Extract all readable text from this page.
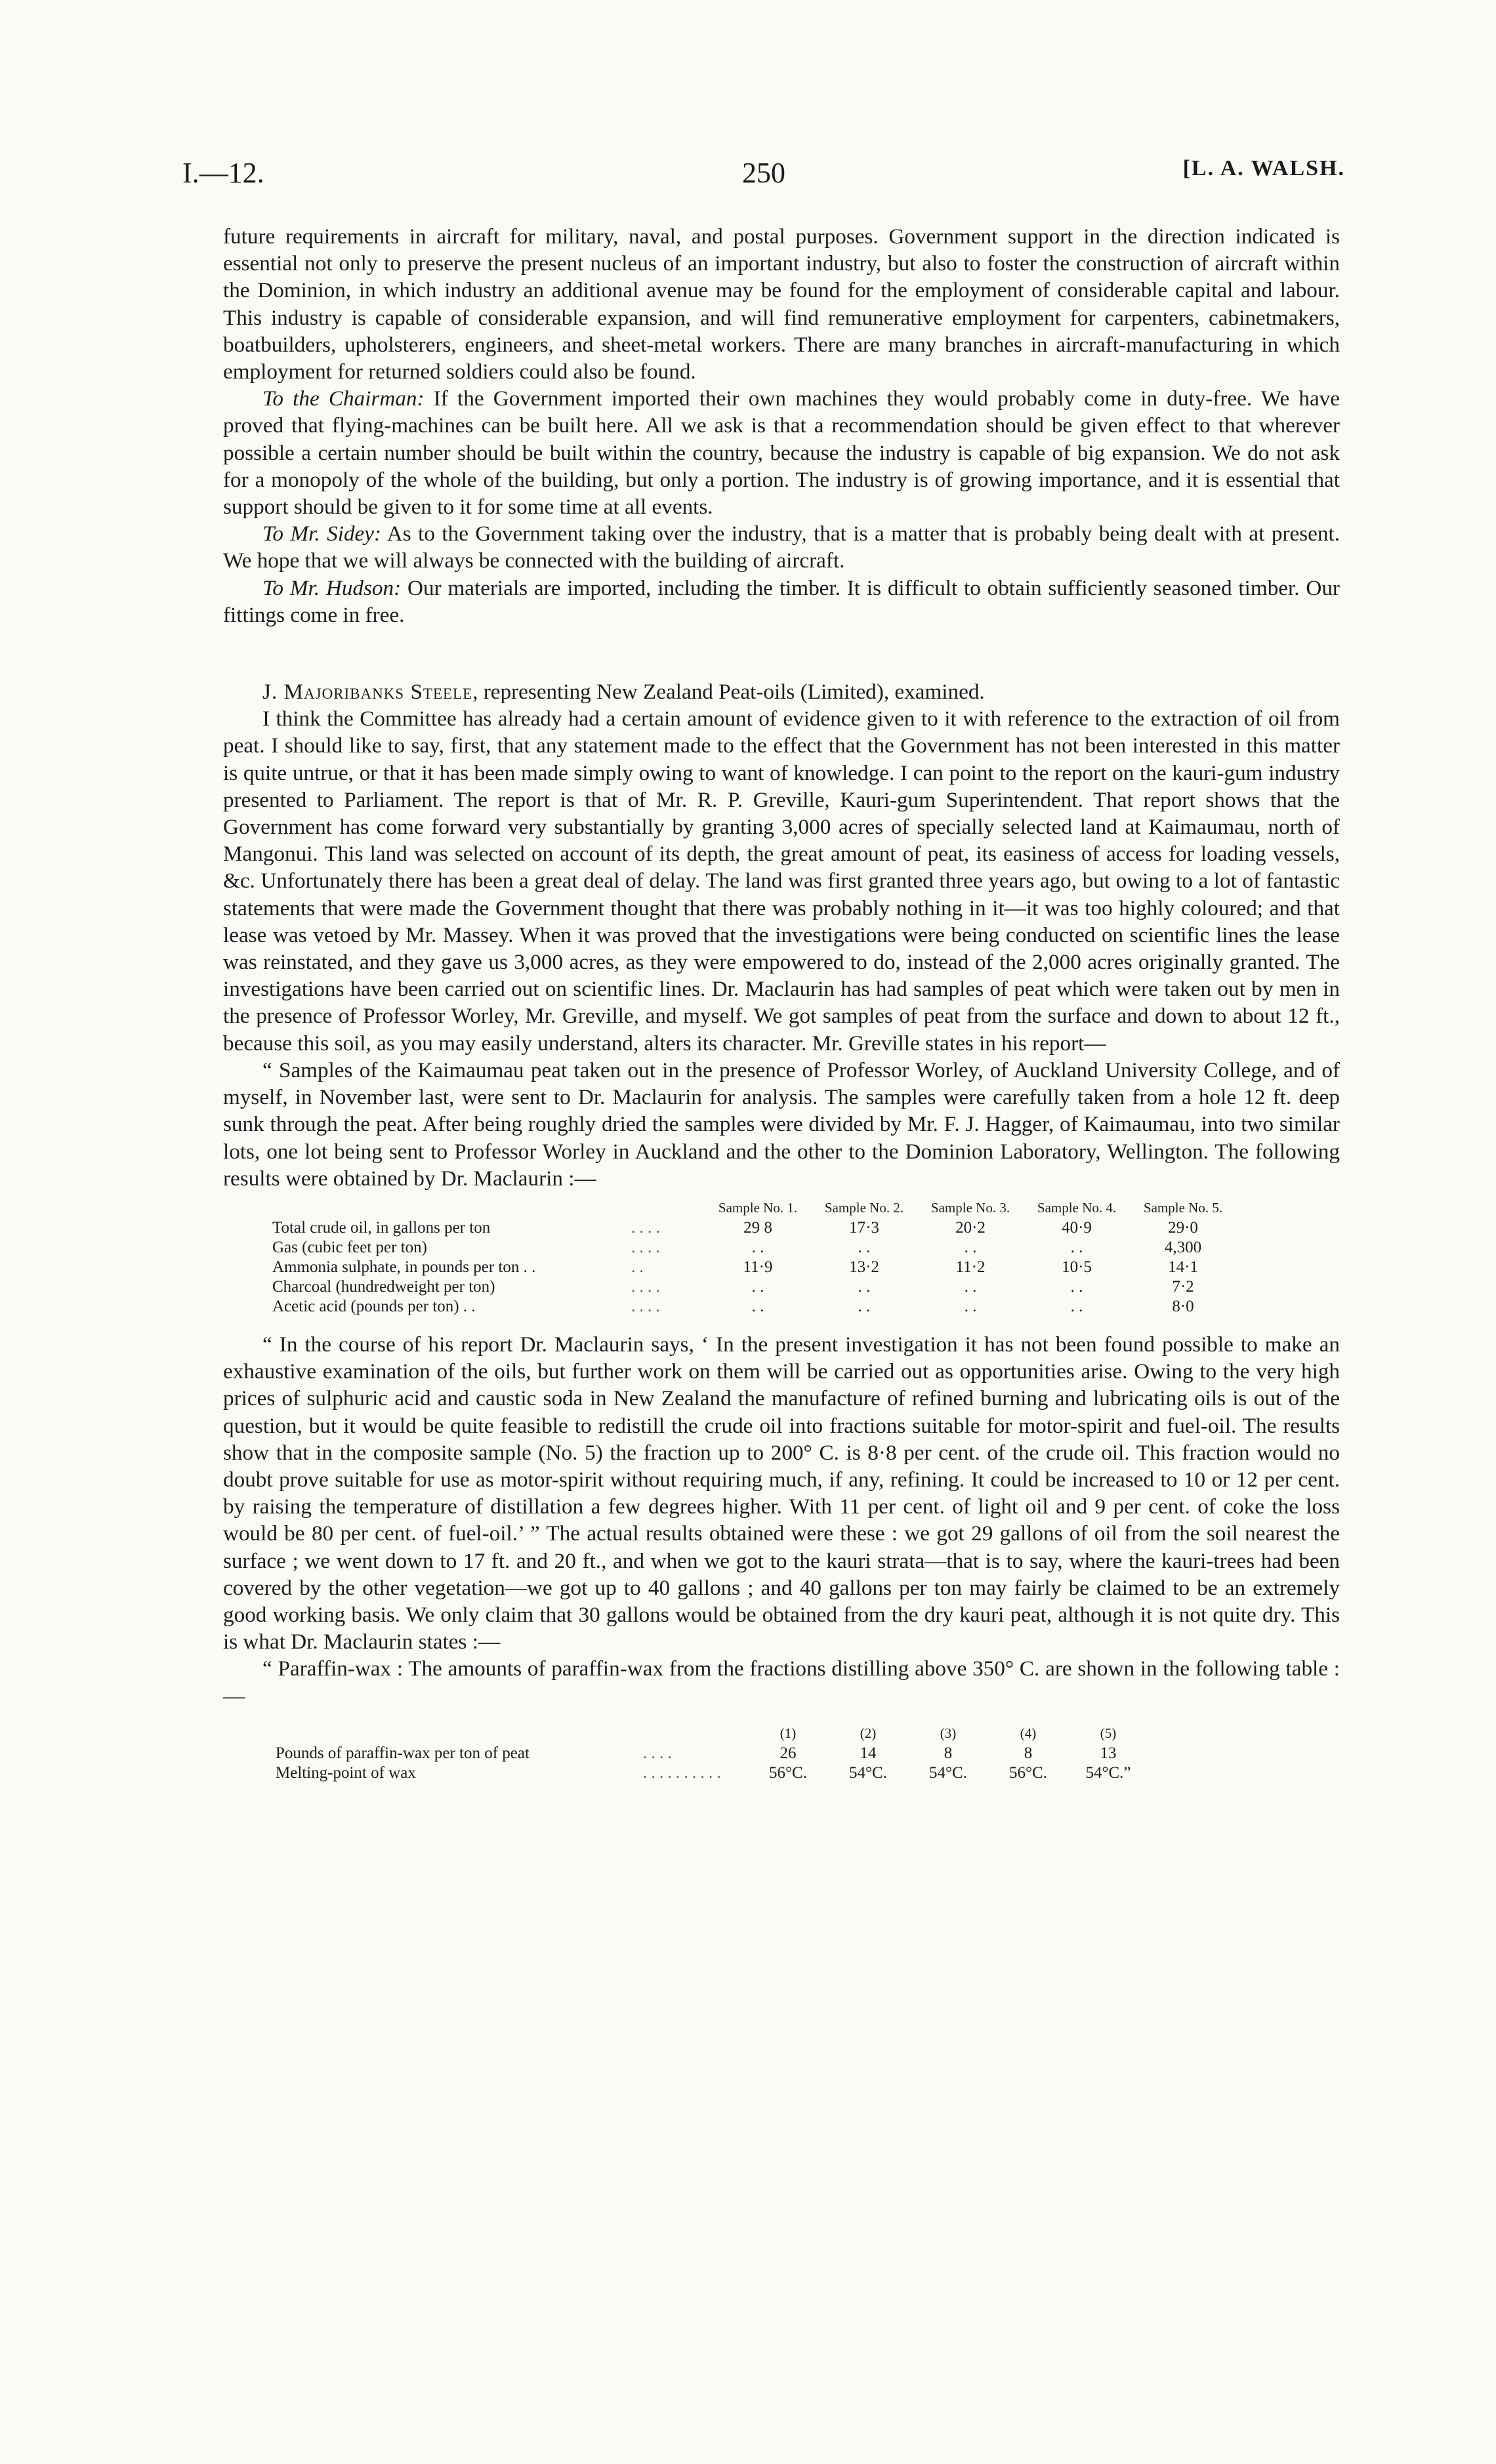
I.—12.	250	[L. A. WALSH.

future requirements in aircraft for military, naval, and postal purposes. Government support in the direction indicated is essential not only to preserve the present nucleus of an important industry, but also to foster the construction of aircraft within the Dominion, in which industry an additional avenue may be found for the employment of considerable capital and labour. This industry is capable of considerable expansion, and will find remunerative employment for carpenters, cabinetmakers, boatbuilders, upholsterers, engineers, and sheet-metal workers. There are many branches in aircraft-manufacturing in which employment for returned soldiers could also be found.

To the Chairman: If the Government imported their own machines they would probably come in duty-free. We have proved that flying-machines can be built here. All we ask is that a recommendation should be given effect to that wherever possible a certain number should be built within the country, because the industry is capable of big expansion. We do not ask for a monopoly of the whole of the building, but only a portion. The industry is of growing importance, and it is essential that support should be given to it for some time at all events.

To Mr. Sidey: As to the Government taking over the industry, that is a matter that is probably being dealt with at present. We hope that we will always be connected with the building of aircraft.

To Mr. Hudson: Our materials are imported, including the timber. It is difficult to obtain sufficiently seasoned timber. Our fittings come in free.

J. Majoribanks Steele, representing New Zealand Peat-oils (Limited), examined.

I think the Committee has already had a certain amount of evidence given to it with reference to the extraction of oil from peat. I should like to say, first, that any statement made to the effect that the Government has not been interested in this matter is quite untrue, or that it has been made simply owing to want of knowledge. I can point to the report on the kauri-gum industry presented to Parliament. The report is that of Mr. R. P. Greville, Kauri-gum Superintendent. That report shows that the Government has come forward very substantially by granting 3,000 acres of specially selected land at Kaimaumau, north of Mangonui. This land was selected on account of its depth, the great amount of peat, its easiness of access for loading vessels, &c. Unfortunately there has been a great deal of delay. The land was first granted three years ago, but owing to a lot of fantastic statements that were made the Government thought that there was probably nothing in it—it was too highly coloured; and that lease was vetoed by Mr. Massey. When it was proved that the investigations were being conducted on scientific lines the lease was reinstated, and they gave us 3,000 acres, as they were empowered to do, instead of the 2,000 acres originally granted. The investigations have been carried out on scientific lines. Dr. Maclaurin has had samples of peat which were taken out by men in the presence of Professor Worley, Mr. Greville, and myself. We got samples of peat from the surface and down to about 12 ft., because this soil, as you may easily understand, alters its character. Mr. Greville states in his report—

“ Samples of the Kaimaumau peat taken out in the presence of Professor Worley, of Auckland University College, and of myself, in November last, were sent to Dr. Maclaurin for analysis. The samples were carefully taken from a hole 12 ft. deep sunk through the peat. After being roughly dried the samples were divided by Mr. F. J. Hagger, of Kaimaumau, into two similar lots, one lot being sent to Professor Worley in Auckland and the other to the Dominion Laboratory, Wellington. The following results were obtained by Dr. Maclaurin :—

		Sample No. 1.	Sample No. 2.	Sample No. 3.	Sample No. 4.	Sample No. 5.
Total crude oil, in gallons per ton	. . . .	29 8	17·3	20·2	40·9	29·0
Gas (cubic feet per ton)	. . . .	. .	. .	. .	. .	4,300
Ammonia sulphate, in pounds per ton . .	. .	11·9	13·2	11·2	10·5	14·1
Charcoal (hundredweight per ton)	. . . .	. .	. .	. .	. .	7·2
Acetic acid (pounds per ton) . .	. . . .	. .	. .	. .	. .	8·0

“ In the course of his report Dr. Maclaurin says, ‘ In the present investigation it has not been found possible to make an exhaustive examination of the oils, but further work on them will be carried out as opportunities arise. Owing to the very high prices of sulphuric acid and caustic soda in New Zealand the manufacture of refined burning and lubricating oils is out of the question, but it would be quite feasible to redistill the crude oil into fractions suitable for motor-spirit and fuel-oil. The results show that in the composite sample (No. 5) the fraction up to 200° C. is 8·8 per cent. of the crude oil. This fraction would no doubt prove suitable for use as motor-spirit without requiring much, if any, refining. It could be increased to 10 or 12 per cent. by raising the temperature of distillation a few degrees higher. With 11 per cent. of light oil and 9 per cent. of coke the loss would be 80 per cent. of fuel-oil.’ ” The actual results obtained were these : we got 29 gallons of oil from the soil nearest the surface ; we went down to 17 ft. and 20 ft., and when we got to the kauri strata—that is to say, where the kauri-trees had been covered by the other vegetation—we got up to 40 gallons ; and 40 gallons per ton may fairly be claimed to be an extremely good working basis. We only claim that 30 gallons would be obtained from the dry kauri peat, although it is not quite dry. This is what Dr. Maclaurin states :—

“ Paraffin-wax : The amounts of paraffin-wax from the fractions distilling above 350° C. are shown in the following table :—

		(1)	(2)	(3)	(4)	(5)
Pounds of paraffin-wax per ton of peat	. . . .	26	14	8	8	13
Melting-point of wax	. . . . . . . . . .	56°C.	54°C.	54°C.	56°C.	54°C.”
